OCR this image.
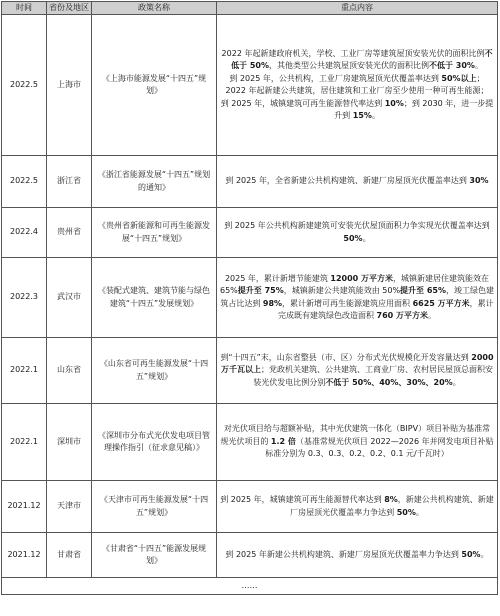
时间	省份及地区	政策名称	重点内容
2022.5	上海市	《上海市能源发展“十四五”规划》	2022 年起新建政府机关，学校、工业厂房等建筑屋顶安装光伏的面积比例不低于 50%，其他类型公共建筑屋顶安装光伏的面积比例不低于 30%。
到 2025 年，公共机构，工业厂房建筑屋顶光伏覆盖率达到 50%以上；
2022 年起新建公共建筑，居住建筑和工业厂房至少使用一种可再生能源；
到 2025 年，城镇建筑可再生能源替代率达到 10%；到 2030 年，进一步提升到 15%。
2022.5	浙江省	《浙江省能源发展“十四五”规划的通知》	到 2025 年，全省新建公共机构建筑、新建厂房屋顶光伏覆盖率达到 30%
2022.4	贵州省	《贵州省新能源和可再生能源发展“十四五”规划》	到 2025 年公共机构新建建筑可安装光伏屋顶面积力争实现光伏覆盖率达到 50%。
2022.3	武汉市	《装配式建筑、建筑节能与绿色建筑“十四五”发展规划》	2025 年，累计新增节能建筑 12000 万平方米，城镇新建居住建筑能效在 65%提升至 75%，城镇新建公共建筑能效由 50%提升至 65%，竣工绿色建筑占比达到 98%，累计新增可再生能源建筑应用面积 6625 万平方米，累计完成既有建筑绿色改造面积 760 万平方米。
2022.1	山东省	《山东省可再生能源发展“十四五”规划》	到“十四五”末，山东省整县（市、区）分布式光伏规模化开发容量达到 2000 万千瓦以上；党政机关建筑、公共建筑、工商业厂房、农村居民屋顶总面积安装光伏发电比例分别不低于 50%、40%、30%、20%。
2022.1	深圳市	《深圳市分布式光伏发电项目管理操作指引（征求意见稿）》	对光伏项目给与超额补贴，其中光伏建筑一体化（BIPV）项目补贴为基准常规光伏项目的 1.2 倍（基准常规光伏项目 2022—2026 年并网发电项目补贴标准分别为 0.3、0.3、0.2、0.2、0.1 元/千瓦时）
2021.12	天津市	《天津市可再生能源发展“十四五”规划》	到 2025 年，城镇建筑可再生能源替代率达到 8%，新建公共机构建筑、新建厂房屋顶光伏覆盖率力争达到 50%。
2021.12	甘肃省	《甘肃省“十四五”能源发展规划》	到 2025 年新建公共机构建筑、新建厂房屋顶光伏覆盖率力争达到 50%。
……			
